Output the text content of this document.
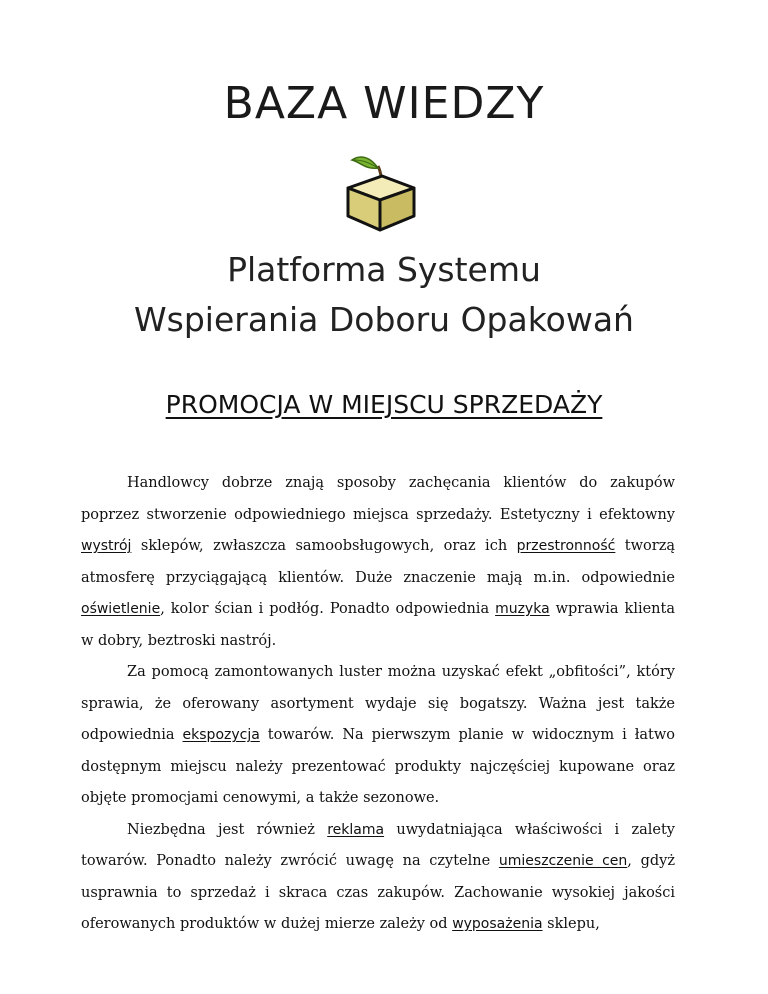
BAZA WIEDZY
Platforma Systemu
Wspierania Doboru Opakowań
PROMOCJA W MIEJSCU SPRZEDAŻY

Handlowcy dobrze znają sposoby zachęcania klientów do zakupów poprzez stworzenie odpowiedniego miejsca sprzedaży. Estetyczny i efektowny wystrój sklepów, zwłaszcza samoobsługowych, oraz ich przestronność tworzą atmosferę przyciągającą klientów. Duże znaczenie mają m.in. odpowiednie oświetlenie, kolor ścian i podłóg. Ponadto odpowiednia muzyka wprawia klienta w dobry, beztroski nastrój.

Za pomocą zamontowanych luster można uzyskać efekt „obfitości”, który sprawia, że oferowany asortyment wydaje się bogatszy. Ważna jest także odpowiednia ekspozycja towarów. Na pierwszym planie w widocznym i łatwo dostępnym miejscu należy prezentować produkty najczęściej kupowane oraz objęte promocjami cenowymi, a także sezonowe.

Niezbędna jest również reklama uwydatniająca właściwości i zalety towarów. Ponadto należy zwrócić uwagę na czytelne umieszczenie cen, gdyż usprawnia to sprzedaż i skraca czas zakupów. Zachowanie wysokiej jakości oferowanych produktów w dużej mierze zależy od wyposażenia sklepu,
